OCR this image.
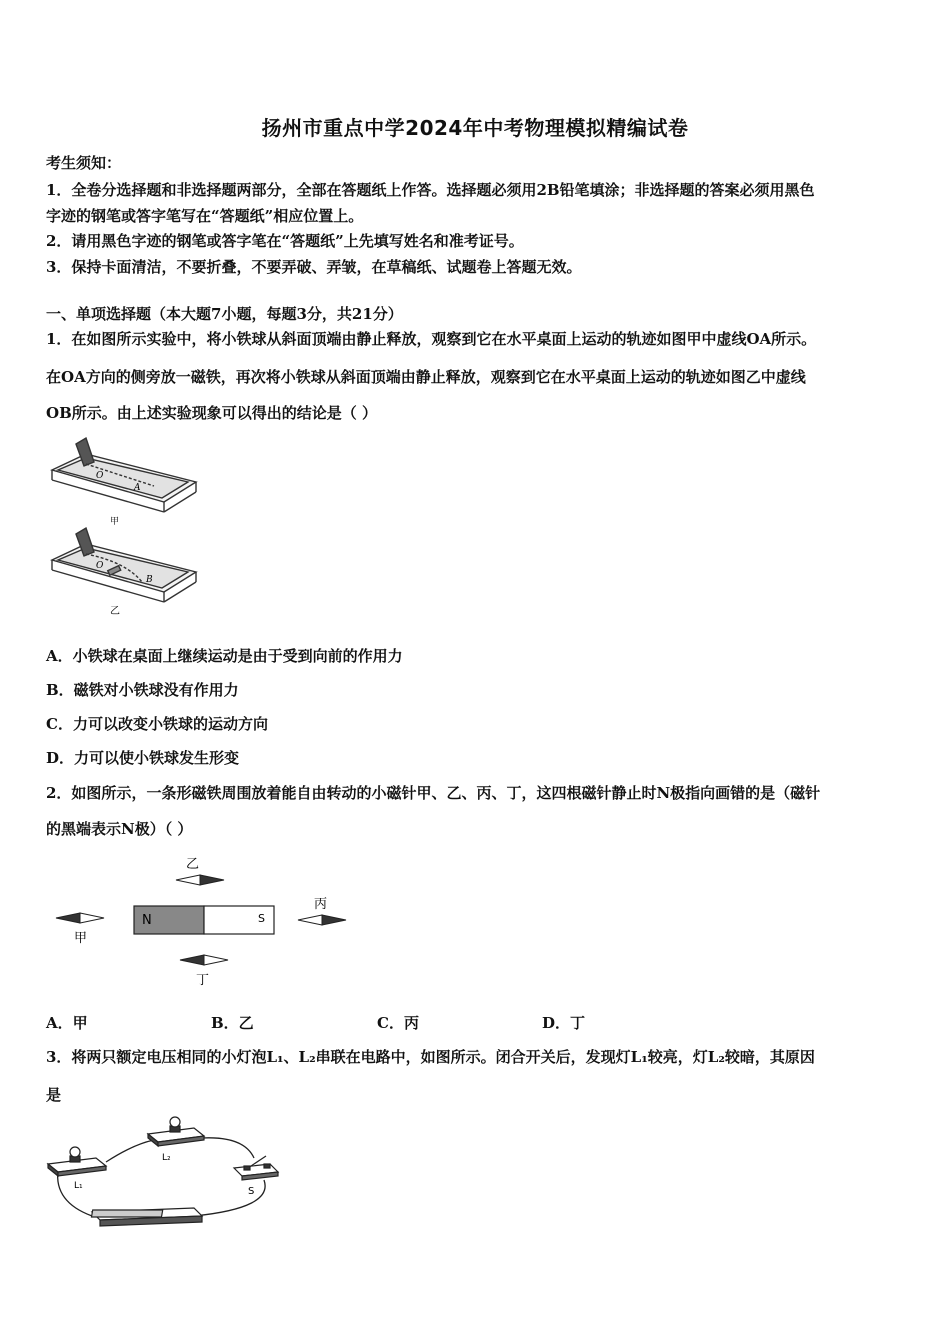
扬州市重点中学2024年中考物理模拟精编试卷
考生须知：
1．全卷分选择题和非选择题两部分，全部在答题纸上作答。选择题必须用2B铅笔填涂；非选择题的答案必须用黑色
字迹的钢笔或答字笔写在“答题纸”相应位置上。
2．请用黑色字迹的钢笔或答字笔在“答题纸”上先填写姓名和准考证号。
3．保持卡面清洁，不要折叠，不要弄破、弄皱，在草稿纸、试题卷上答题无效。
一、单项选择题（本大题7小题，每题3分，共21分）
1．在如图所示实验中，将小铁球从斜面顶端由静止释放，观察到它在水平桌面上运动的轨迹如图甲中虚线OA所示。
在OA方向的侧旁放一磁铁，再次将小铁球从斜面顶端由静止释放，观察到它在水平桌面上运动的轨迹如图乙中虚线
OB所示。由上述实验现象可以得出的结论是（ ）
O
A
甲
O
B
乙
A．小铁球在桌面上继续运动是由于受到向前的作用力
B．磁铁对小铁球没有作用力
C．力可以改变小铁球的运动方向
D．力可以使小铁球发生形变
2．如图所示，一条形磁铁周围放着能自由转动的小磁针甲、乙、丙、丁，这四根磁针静止时N极指向画错的是（磁针
的黑端表示N极）（ ）
N	S
甲
乙
丙
丁
A．甲	B．乙	C．丙	D．丁
3．将两只额定电压相同的小灯泡L₁、L₂串联在电路中，如图所示。闭合开关后，发现灯L₁较亮，灯L₂较暗，其原因
是
L₁
L₂
S
